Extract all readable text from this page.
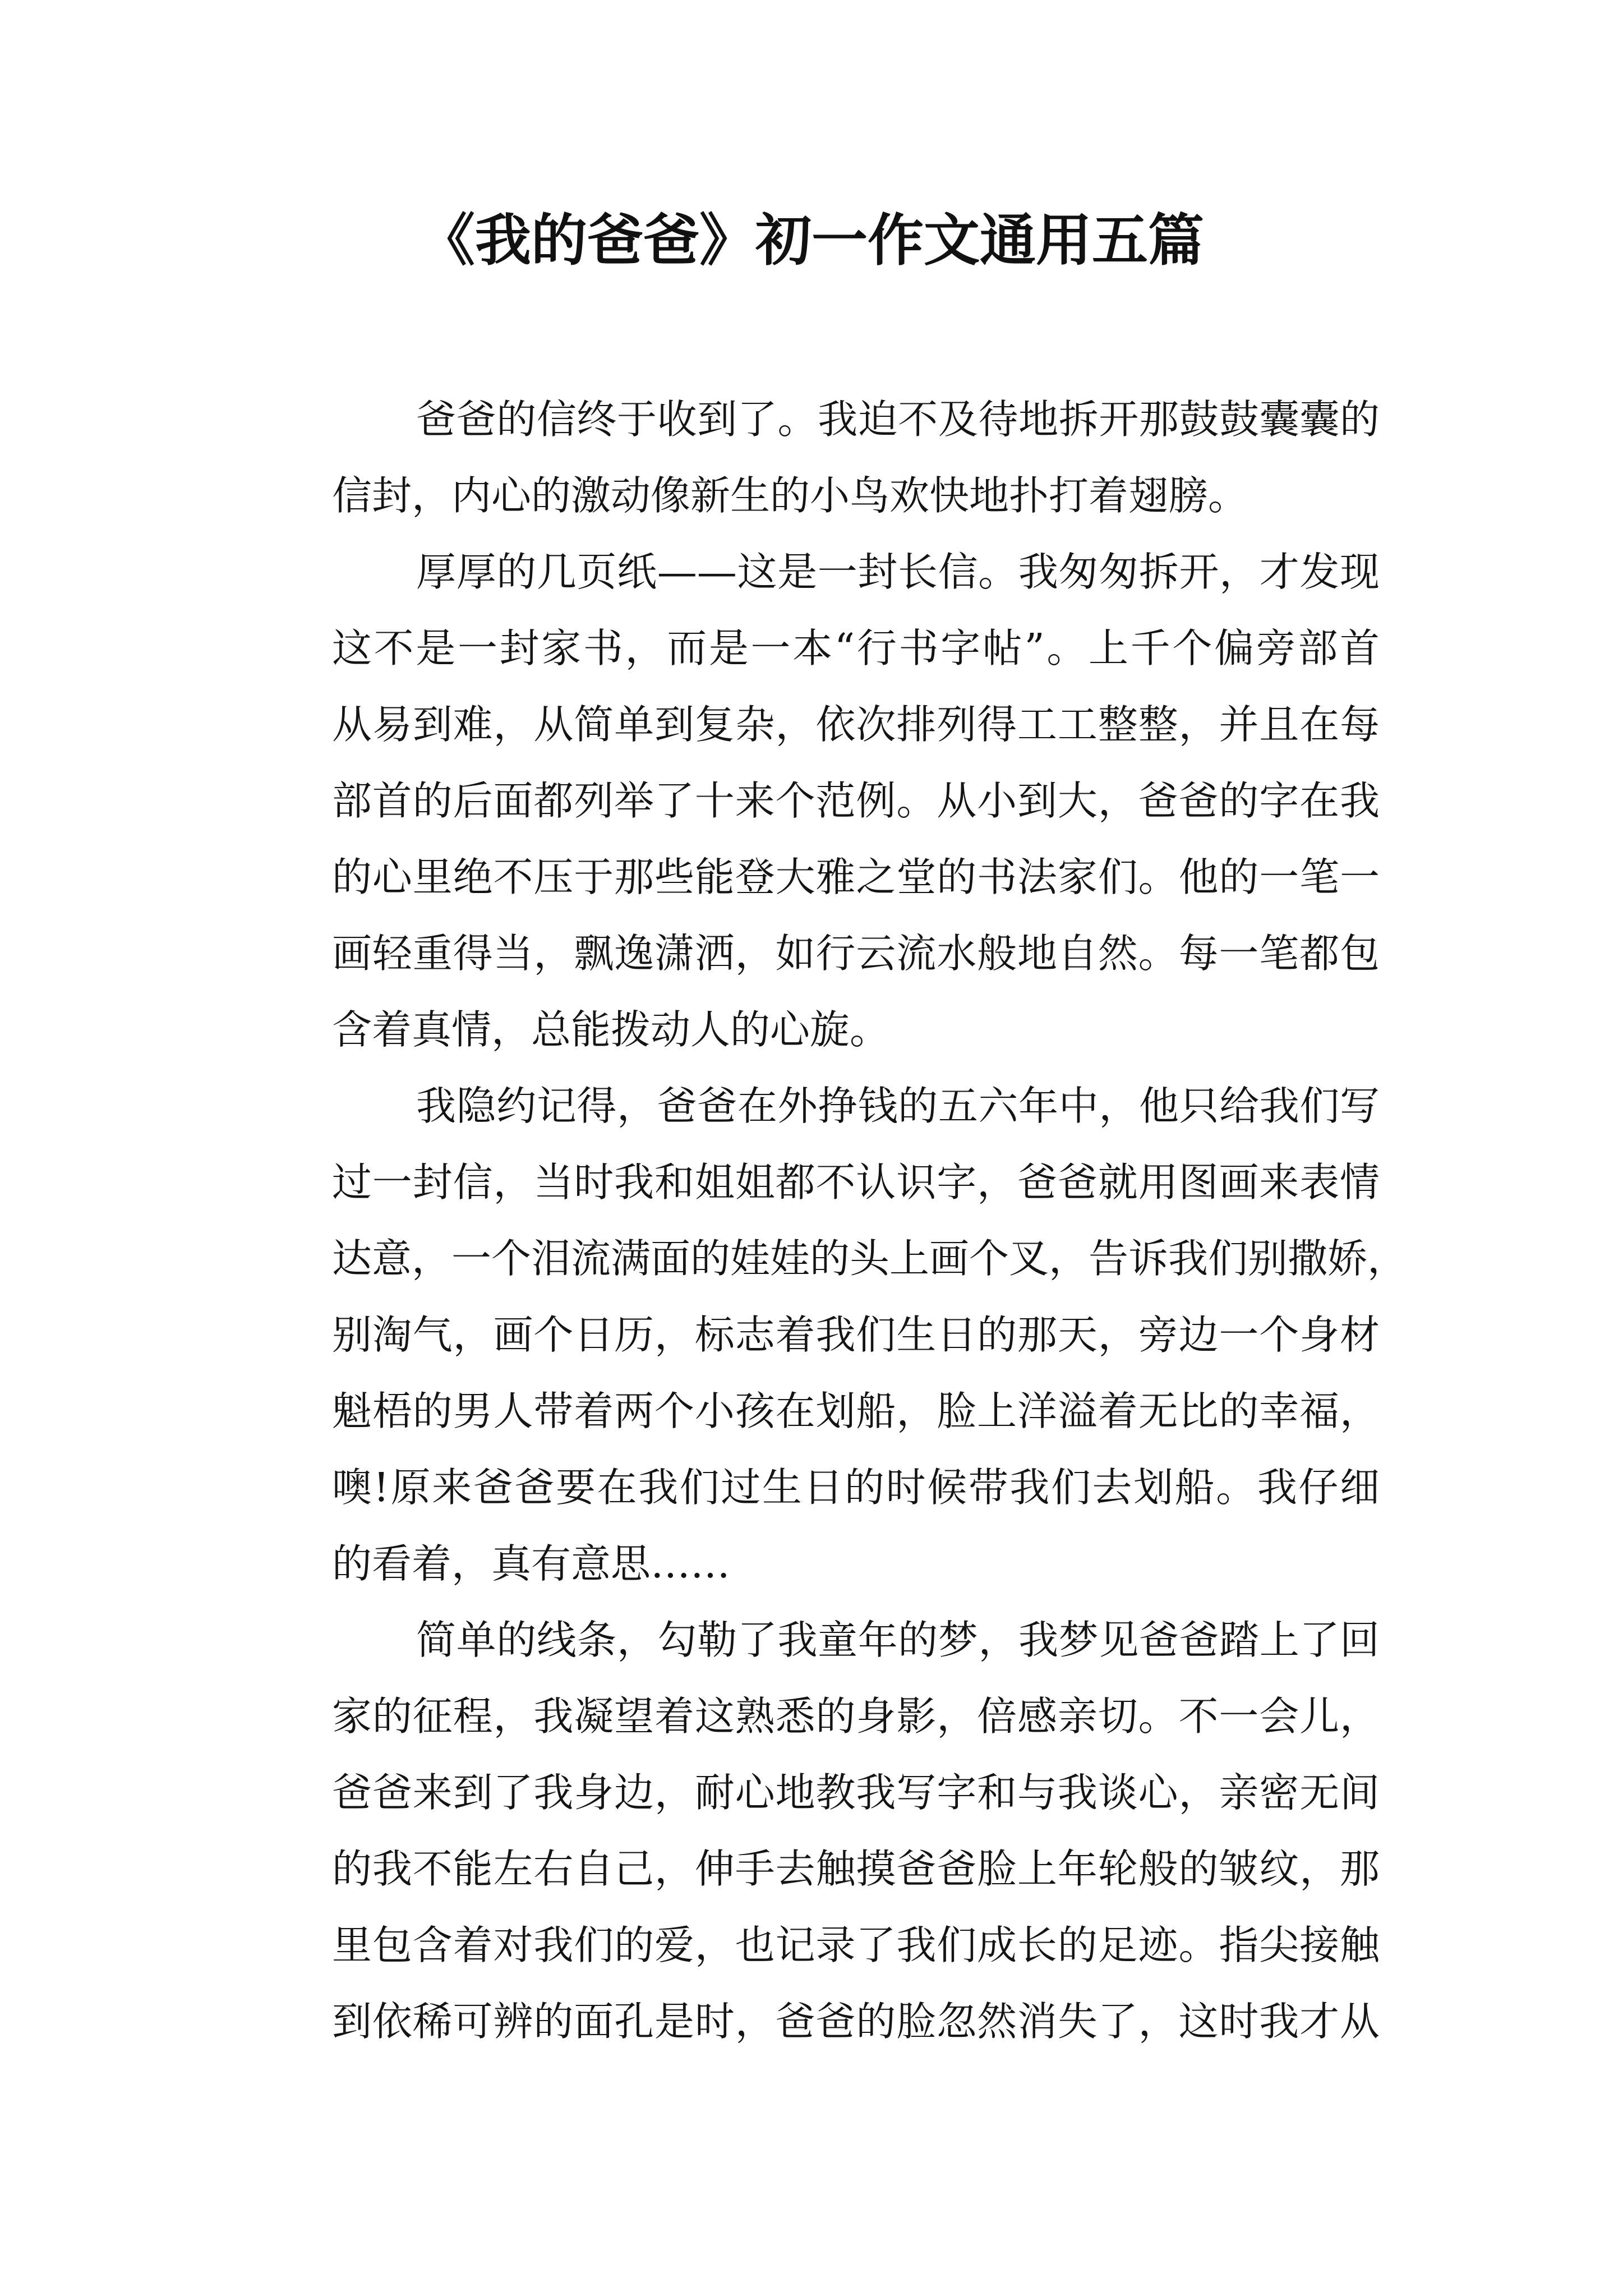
《我的爸爸》初一作文通用五篇
爸爸的信终于收到了。我迫不及待地拆开那鼓鼓囊囊的
信封，内心的激动像新生的小鸟欢快地扑打着翅膀。
厚厚的几页纸——这是一封长信。我匆匆拆开，才发现
这不是一封家书，而是一本“行书字帖”。上千个偏旁部首
从易到难，从简单到复杂，依次排列得工工整整，并且在每
部首的后面都列举了十来个范例。从小到大，爸爸的字在我
的心里绝不压于那些能登大雅之堂的书法家们。他的一笔一
画轻重得当，飘逸潇洒，如行云流水般地自然。每一笔都包
含着真情，总能拨动人的心旋。
我隐约记得，爸爸在外挣钱的五六年中，他只给我们写
过一封信，当时我和姐姐都不认识字，爸爸就用图画来表情
达意，一个泪流满面的娃娃的头上画个叉，告诉我们别撒娇，
别淘气，画个日历，标志着我们生日的那天，旁边一个身材
魁梧的男人带着两个小孩在划船，脸上洋溢着无比的幸福，
噢!原来爸爸要在我们过生日的时候带我们去划船。我仔细
的看着，真有意思……
简单的线条，勾勒了我童年的梦，我梦见爸爸踏上了回
家的征程，我凝望着这熟悉的身影，倍感亲切。不一会儿，
爸爸来到了我身边，耐心地教我写字和与我谈心，亲密无间
的我不能左右自己，伸手去触摸爸爸脸上年轮般的皱纹，那
里包含着对我们的爱，也记录了我们成长的足迹。指尖接触
到依稀可辨的面孔是时，爸爸的脸忽然消失了，这时我才从
